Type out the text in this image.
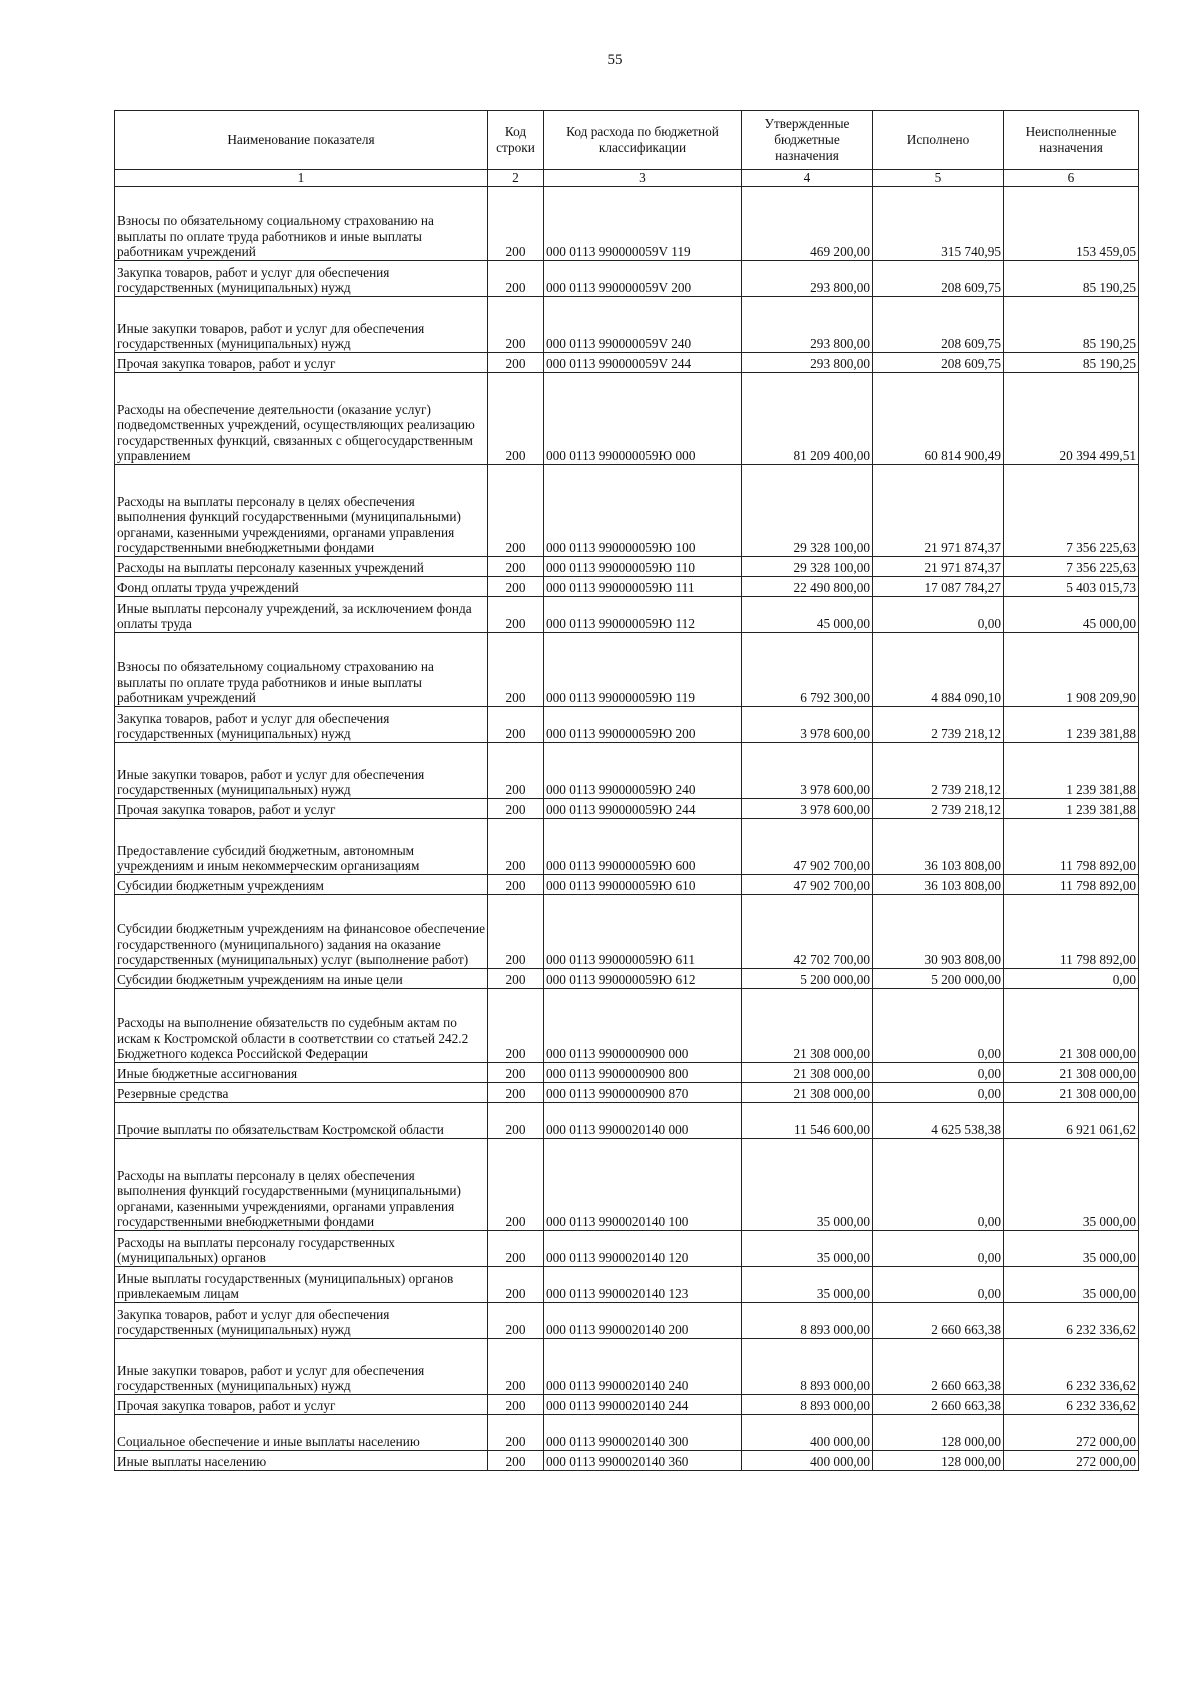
55
Наименование показателя	Код строки	Код расхода по бюджетной классификации	Утвержденные бюджетные назначения	Исполнено	Неисполненные назначения
1	2	3	4	5	6
Взносы по обязательному социальному страхованию на выплаты по оплате труда работников и иные выплаты работникам учреждений	200	000 0113 990000059V 119	469 200,00	315 740,95	153 459,05
Закупка товаров, работ и услуг для обеспечения государственных (муниципальных) нужд	200	000 0113 990000059V 200	293 800,00	208 609,75	85 190,25
Иные закупки товаров, работ и услуг для обеспечения государственных (муниципальных) нужд	200	000 0113 990000059V 240	293 800,00	208 609,75	85 190,25
Прочая закупка товаров, работ и услуг	200	000 0113 990000059V 244	293 800,00	208 609,75	85 190,25
Расходы на обеспечение деятельности (оказание услуг) подведомственных учреждений, осуществляющих реализацию государственных функций, связанных с общегосударственным управлением	200	000 0113 990000059Ю 000	81 209 400,00	60 814 900,49	20 394 499,51
Расходы на выплаты персоналу в целях обеспечения выполнения функций государственными (муниципальными) органами, казенными учреждениями, органами управления государственными внебюджетными фондами	200	000 0113 990000059Ю 100	29 328 100,00	21 971 874,37	7 356 225,63
Расходы на выплаты персоналу казенных учреждений	200	000 0113 990000059Ю 110	29 328 100,00	21 971 874,37	7 356 225,63
Фонд оплаты труда учреждений	200	000 0113 990000059Ю 111	22 490 800,00	17 087 784,27	5 403 015,73
Иные выплаты персоналу учреждений, за исключением фонда оплаты труда	200	000 0113 990000059Ю 112	45 000,00	0,00	45 000,00
Взносы по обязательному социальному страхованию на выплаты по оплате труда работников и иные выплаты работникам учреждений	200	000 0113 990000059Ю 119	6 792 300,00	4 884 090,10	1 908 209,90
Закупка товаров, работ и услуг для обеспечения государственных (муниципальных) нужд	200	000 0113 990000059Ю 200	3 978 600,00	2 739 218,12	1 239 381,88
Иные закупки товаров, работ и услуг для обеспечения государственных (муниципальных) нужд	200	000 0113 990000059Ю 240	3 978 600,00	2 739 218,12	1 239 381,88
Прочая закупка товаров, работ и услуг	200	000 0113 990000059Ю 244	3 978 600,00	2 739 218,12	1 239 381,88
Предоставление субсидий бюджетным, автономным учреждениям и иным некоммерческим организациям	200	000 0113 990000059Ю 600	47 902 700,00	36 103 808,00	11 798 892,00
Субсидии бюджетным учреждениям	200	000 0113 990000059Ю 610	47 902 700,00	36 103 808,00	11 798 892,00
Субсидии бюджетным учреждениям на финансовое обеспечение государственного (муниципального) задания на оказание государственных (муниципальных) услуг (выполнение работ)	200	000 0113 990000059Ю 611	42 702 700,00	30 903 808,00	11 798 892,00
Субсидии бюджетным учреждениям на иные цели	200	000 0113 990000059Ю 612	5 200 000,00	5 200 000,00	0,00
Расходы на выполнение обязательств по судебным актам по искам к Костромской области в соответствии со статьей 242.2 Бюджетного кодекса Российской Федерации	200	000 0113 9900000900 000	21 308 000,00	0,00	21 308 000,00
Иные бюджетные ассигнования	200	000 0113 9900000900 800	21 308 000,00	0,00	21 308 000,00
Резервные средства	200	000 0113 9900000900 870	21 308 000,00	0,00	21 308 000,00
Прочие выплаты по обязательствам Костромской области	200	000 0113 9900020140 000	11 546 600,00	4 625 538,38	6 921 061,62
Расходы на выплаты персоналу в целях обеспечения выполнения функций государственными (муниципальными) органами, казенными учреждениями, органами управления государственными внебюджетными фондами	200	000 0113 9900020140 100	35 000,00	0,00	35 000,00
Расходы на выплаты персоналу государственных (муниципальных) органов	200	000 0113 9900020140 120	35 000,00	0,00	35 000,00
Иные выплаты государственных (муниципальных) органов привлекаемым лицам	200	000 0113 9900020140 123	35 000,00	0,00	35 000,00
Закупка товаров, работ и услуг для обеспечения государственных (муниципальных) нужд	200	000 0113 9900020140 200	8 893 000,00	2 660 663,38	6 232 336,62
Иные закупки товаров, работ и услуг для обеспечения государственных (муниципальных) нужд	200	000 0113 9900020140 240	8 893 000,00	2 660 663,38	6 232 336,62
Прочая закупка товаров, работ и услуг	200	000 0113 9900020140 244	8 893 000,00	2 660 663,38	6 232 336,62
Социальное обеспечение и иные выплаты населению	200	000 0113 9900020140 300	400 000,00	128 000,00	272 000,00
Иные выплаты населению	200	000 0113 9900020140 360	400 000,00	128 000,00	272 000,00
